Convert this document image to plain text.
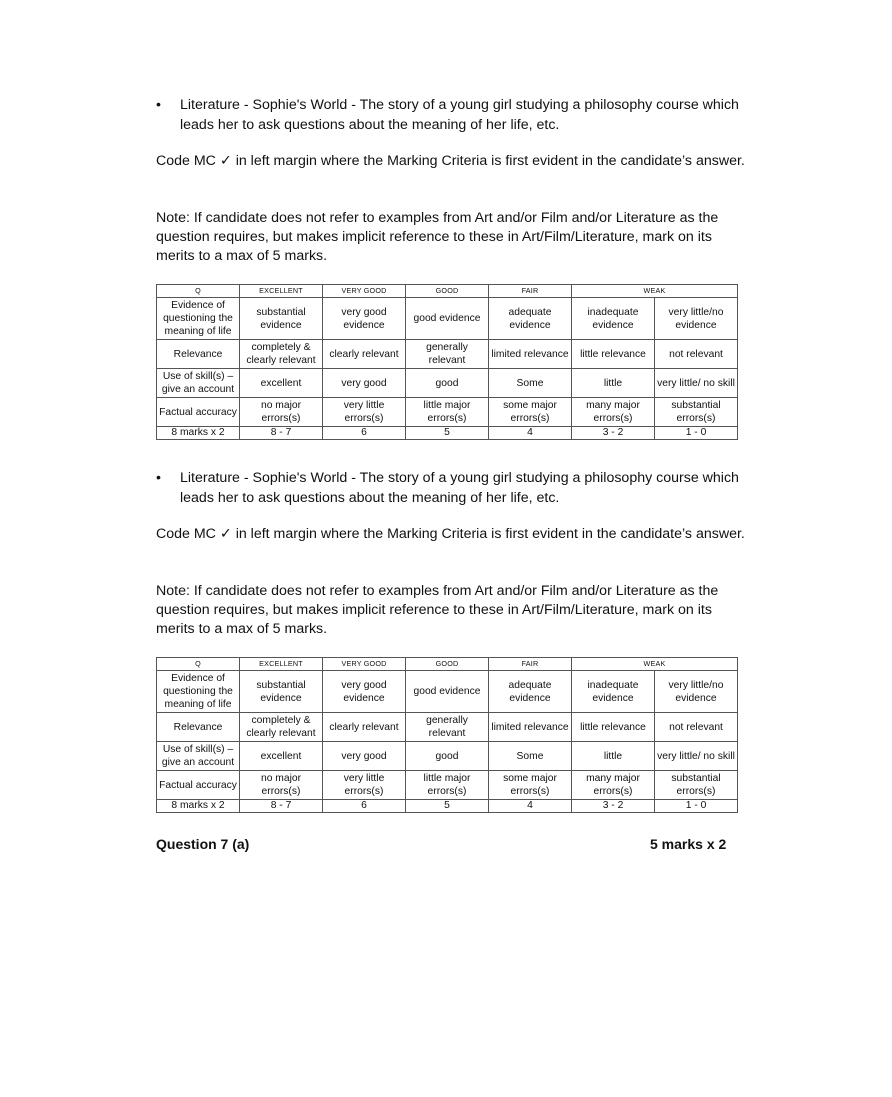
•	Literature - Sophie's World - The story of a young girl studying a philosophy course which leads her to ask questions about the meaning of her life, etc.
Code MC ✓ in left margin where the Marking Criteria is first evident in the candidate’s answer.
Note: If candidate does not refer to examples from Art and/or Film and/or Literature as the question requires, but makes implicit reference to these in Art/Film/Literature, mark on its merits to a max of 5 marks.
Q	EXCELLENT	VERY GOOD	GOOD	FAIR	WEAK	
Evidence of questioning the meaning of life	substantial evidence	very good evidence	good evidence	adequate evidence	inadequate evidence	very little/no evidence
Relevance	completely & clearly relevant	clearly relevant	generally relevant	limited relevance	little relevance	not relevant
Use of skill(s) – give an account	excellent	very good	good	Some	little	very little/ no skill
Factual accuracy	no major errors(s)	very little errors(s)	little major errors(s)	some major errors(s)	many major errors(s)	substantial errors(s)
8 marks x 2	8 - 7	6	5	4	3 - 2	1 - 0
•	Literature - Sophie's World - The story of a young girl studying a philosophy course which leads her to ask questions about the meaning of her life, etc.
Code MC ✓ in left margin where the Marking Criteria is first evident in the candidate’s answer.
Note: If candidate does not refer to examples from Art and/or Film and/or Literature as the question requires, but makes implicit reference to these in Art/Film/Literature, mark on its merits to a max of 5 marks.
Q	EXCELLENT	VERY GOOD	GOOD	FAIR	WEAK	
Evidence of questioning the meaning of life	substantial evidence	very good evidence	good evidence	adequate evidence	inadequate evidence	very little/no evidence
Relevance	completely & clearly relevant	clearly relevant	generally relevant	limited relevance	little relevance	not relevant
Use of skill(s) – give an account	excellent	very good	good	Some	little	very little/ no skill
Factual accuracy	no major errors(s)	very little errors(s)	little major errors(s)	some major errors(s)	many major errors(s)	substantial errors(s)
8 marks x 2	8 - 7	6	5	4	3 - 2	1 - 0
Question 7 (a)	5 marks x 2
